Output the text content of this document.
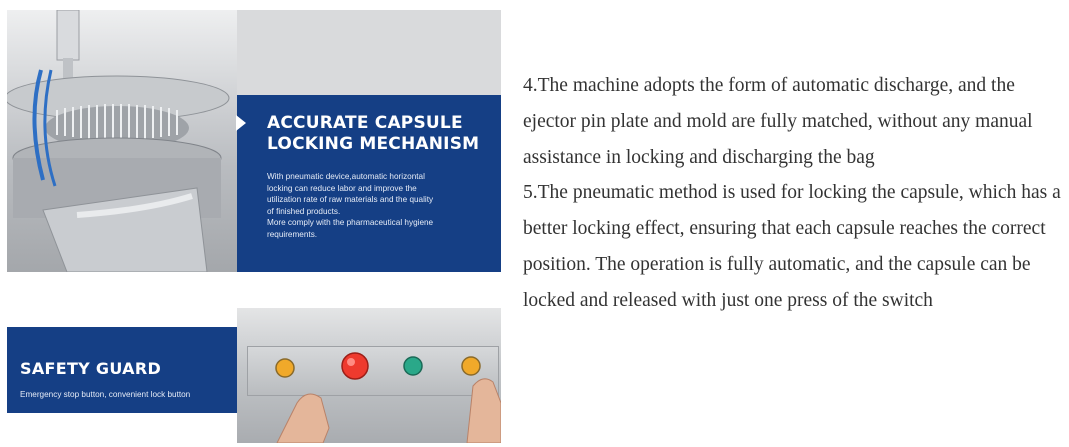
ACCURATE CAPSULE
LOCKING MECHANISM
With pneumatic device,automatic horizontal
locking can reduce labor and improve the
utilization rate of raw materials and the quality
of finished products.
More comply with the pharmaceutical hygiene
requirements.
SAFETY GUARD
Emergency stop button, convenient lock button

4.The machine adopts the form of automatic discharge, and the ejector pin plate and mold are fully matched, without any manual assistance in locking and discharging the bag

5.The pneumatic method is used for locking the capsule, which has a better locking effect, ensuring that each capsule reaches the correct position. The operation is fully automatic, and the capsule can be locked and released with just one press of the switch
